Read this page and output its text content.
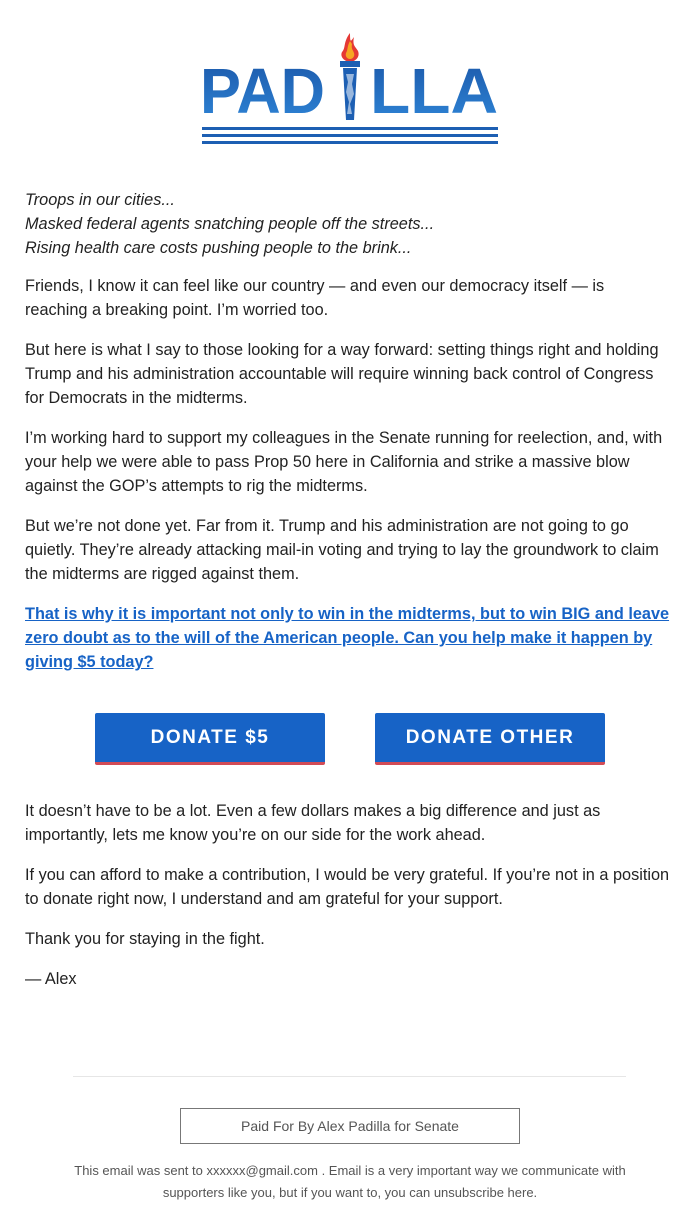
PAD LLA

Troops in our cities...
Masked federal agents snatching people off the streets...
Rising health care costs pushing people to the brink...

Friends, I know it can feel like our country — and even our democracy itself — is reaching a breaking point. I’m worried too.

But here is what I say to those looking for a way forward: setting things right and holding Trump and his administration accountable will require winning back control of Congress for Democrats in the midterms.

I’m working hard to support my colleagues in the Senate running for reelection, and, with your help we were able to pass Prop 50 here in California and strike a massive blow against the GOP’s attempts to rig the midterms.

But we’re not done yet. Far from it. Trump and his administration are not going to go quietly. They’re already attacking mail-in voting and trying to lay the groundwork to claim the midterms are rigged against them.

That is why it is important not only to win in the midterms, but to win BIG and leave zero doubt as to the will of the American people. Can you help make it happen by giving $5 today?

DONATE $5	DONATE OTHER

It doesn’t have to be a lot. Even a few dollars makes a big difference and just as importantly, lets me know you’re on our side for the work ahead.

If you can afford to make a contribution, I would be very grateful. If you’re not in a position to donate right now, I understand and am grateful for your support.

Thank you for staying in the fight.

— Alex

Paid For By Alex Padilla for Senate
This email was sent to xxxxxx@gmail.com . Email is a very important way we communicate with supporters like you, but if you want to, you can unsubscribe here.
